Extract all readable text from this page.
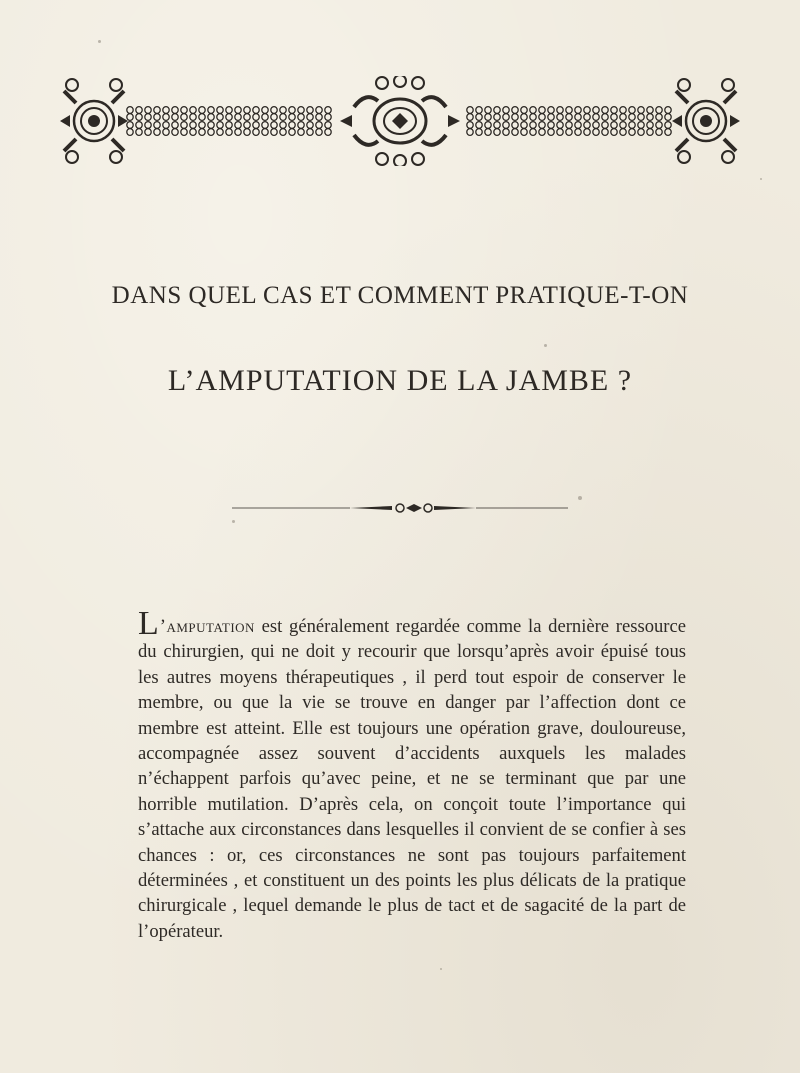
DANS QUEL CAS ET COMMENT PRATIQUE-T-ON
L’AMPUTATION DE LA JAMBE ?

L’amputation est généralement regardée comme la dernière ressource du chirurgien, qui ne doit y recourir que lorsqu’après avoir épuisé tous les autres moyens thérapeutiques , il perd tout espoir de conserver le membre, ou que la vie se trouve en danger par l’affection dont ce membre est atteint. Elle est toujours une opération grave, douloureuse, accompagnée assez souvent d’accidents auxquels les malades n’échappent parfois qu’avec peine, et ne se terminant que par une horrible mutilation. D’après cela, on conçoit toute l’importance qui s’attache aux circonstances dans lesquelles il convient de se confier à ses chances : or, ces circonstances ne sont pas toujours parfaitement déterminées , et constituent un des points les plus délicats de la pratique chirurgicale , lequel demande le plus de tact et de sagacité de la part de l’opérateur.
